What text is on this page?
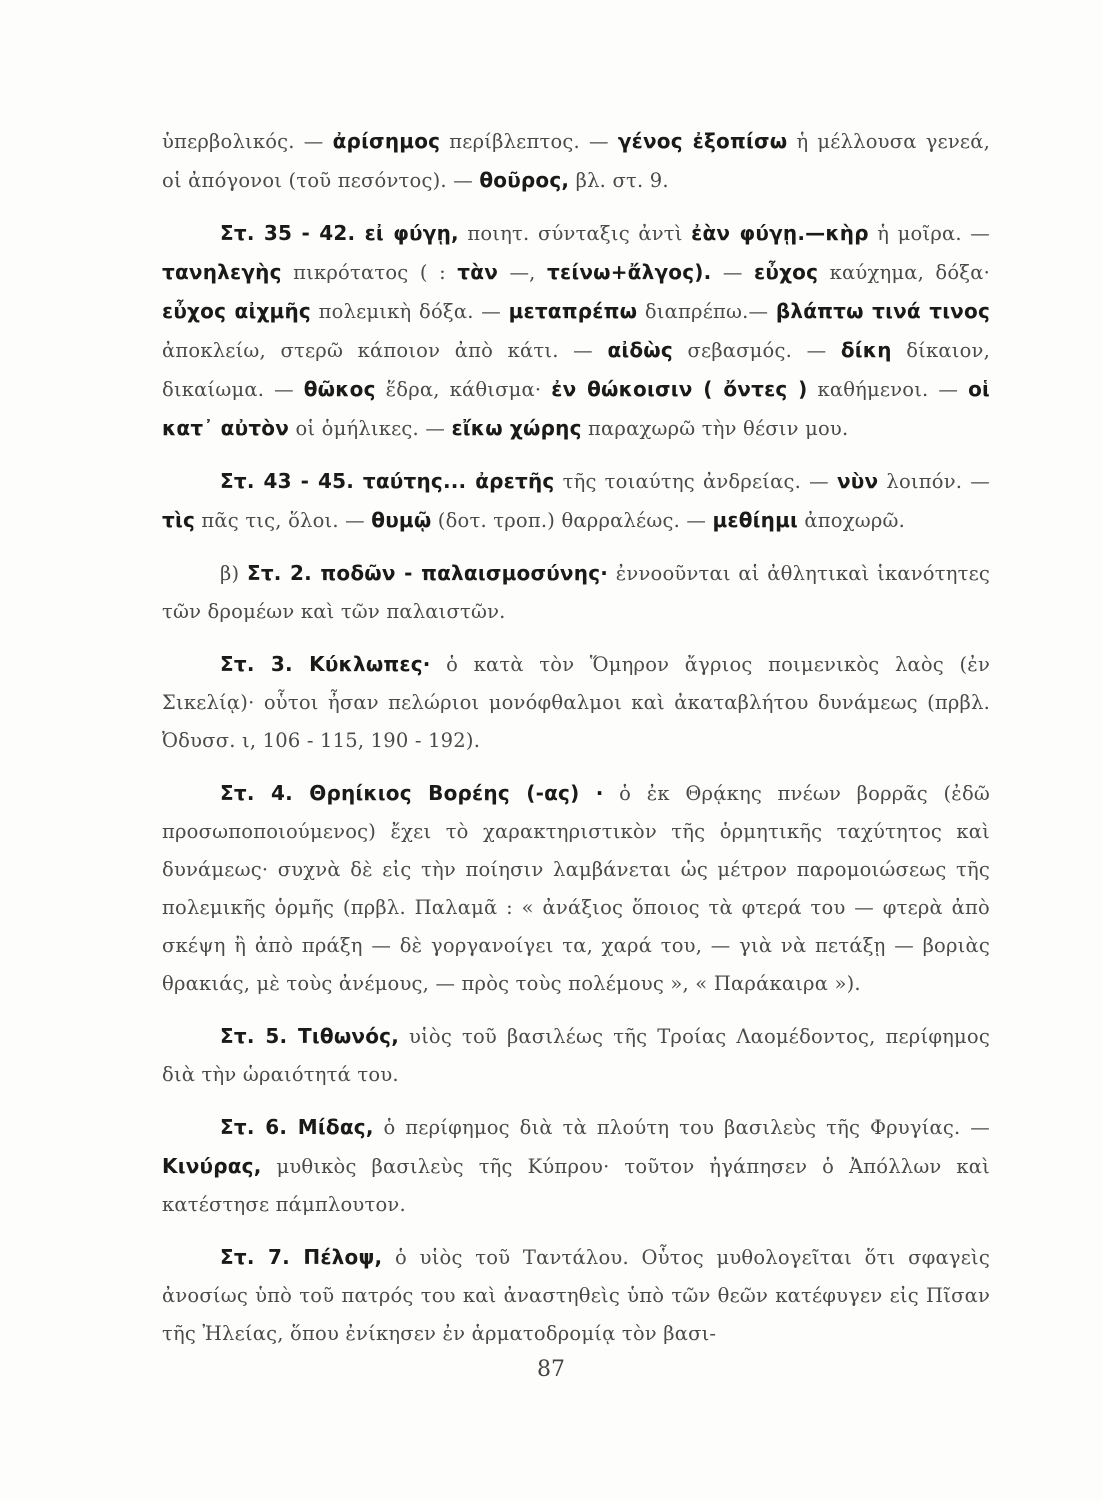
ὑπερβολικός. — ἀρίσημος περίβλεπτος. — γένος ἐξοπίσω ἡ μέλλουσα γενεά, οἱ ἀπόγονοι (τοῦ πεσόντος). — θοῦρος, βλ. στ. 9.

Στ. 35 - 42. εἰ φύγῃ, ποιητ. σύνταξις ἀντὶ ἐὰν φύγῃ.—κὴρ ἡ μοῖρα. — τανηλεγὴς πικρότατος ( : τὰν —, τείνω+ἄλγος). — εὖχος καύχημα, δόξα· εὖχος αἰχμῆς πολεμικὴ δόξα. — μεταπρέπω διαπρέπω.— βλάπτω τινά τινος ἀποκλείω, στερῶ κάποιον ἀπὸ κάτι. — αἰδὼς σεβασμός. — δίκη δίκαιον, δικαίωμα. — θῶκος ἕδρα, κάθισμα· ἐν θώκοισιν ( ὄντες ) καθήμενοι. — οἱ κατ᾽ αὐτὸν οἱ ὁμήλικες. — εἴκω χώρης παραχωρῶ τὴν θέσιν μου.

Στ. 43 - 45. ταύτης... ἀρετῆς τῆς τοιαύτης ἀνδρείας. — νὺν λοιπόν. — τὶς πᾶς τις, ὅλοι. — θυμῷ (δοτ. τροπ.) θαρραλέως. — μεθίημι ἀποχωρῶ.

β) Στ. 2. ποδῶν - παλαισμοσύνης· ἐννοοῦνται αἱ ἀθλητικαὶ ἱκανότητες τῶν δρομέων καὶ τῶν παλαιστῶν.

Στ. 3. Κύκλωπες· ὁ κατὰ τὸν Ὅμηρον ἄγριος ποιμενικὸς λαὸς (ἐν Σικελίᾳ)· οὗτοι ἦσαν πελώριοι μονόφθαλμοι καὶ ἀκαταβλήτου δυνάμεως (πρβλ. Ὀδυσσ. ι, 106 - 115, 190 - 192).

Στ. 4. Θρηίκιος Βορέης (-ας) · ὁ ἐκ Θρᾴκης πνέων βορρᾶς (ἐδῶ προσωποποιούμενος) ἔχει τὸ χαρακτηριστικὸν τῆς ὁρμητικῆς ταχύτητος καὶ δυνάμεως· συχνὰ δὲ εἰς τὴν ποίησιν λαμβάνεται ὡς μέτρον παρομοιώσεως τῆς πολεμικῆς ὁρμῆς (πρβλ. Παλαμᾶ : « ἀνάξιος ὅποιος τὰ φτερά του — φτερὰ ἀπὸ σκέψη ἢ ἀπὸ πράξη — δὲ γοργανοίγει τα, χαρά του, — γιὰ νὰ πετάξῃ — βοριὰς θρακιάς, μὲ τοὺς ἀνέμους, — πρὸς τοὺς πολέμους », « Παράκαιρα »).

Στ. 5. Τιθωνός, υἱὸς τοῦ βασιλέως τῆς Τροίας Λαομέδοντος, περίφημος διὰ τὴν ὡραιότητά του.

Στ. 6. Μίδας, ὁ περίφημος διὰ τὰ πλούτη του βασιλεὺς τῆς Φρυγίας. — Κινύρας, μυθικὸς βασιλεὺς τῆς Κύπρου· τοῦτον ἠγάπησεν ὁ Ἀπόλλων καὶ κατέστησε πάμπλουτον.

Στ. 7. Πέλοψ, ὁ υἱὸς τοῦ Ταντάλου. Οὗτος μυθολογεῖται ὅτι σφαγεὶς ἀνοσίως ὑπὸ τοῦ πατρός του καὶ ἀναστηθεὶς ὑπὸ τῶν θεῶν κατέφυγεν εἰς Πῖσαν τῆς Ἠλείας, ὅπου ἐνίκησεν ἐν ἁρματοδρομίᾳ τὸν βασι-

87
